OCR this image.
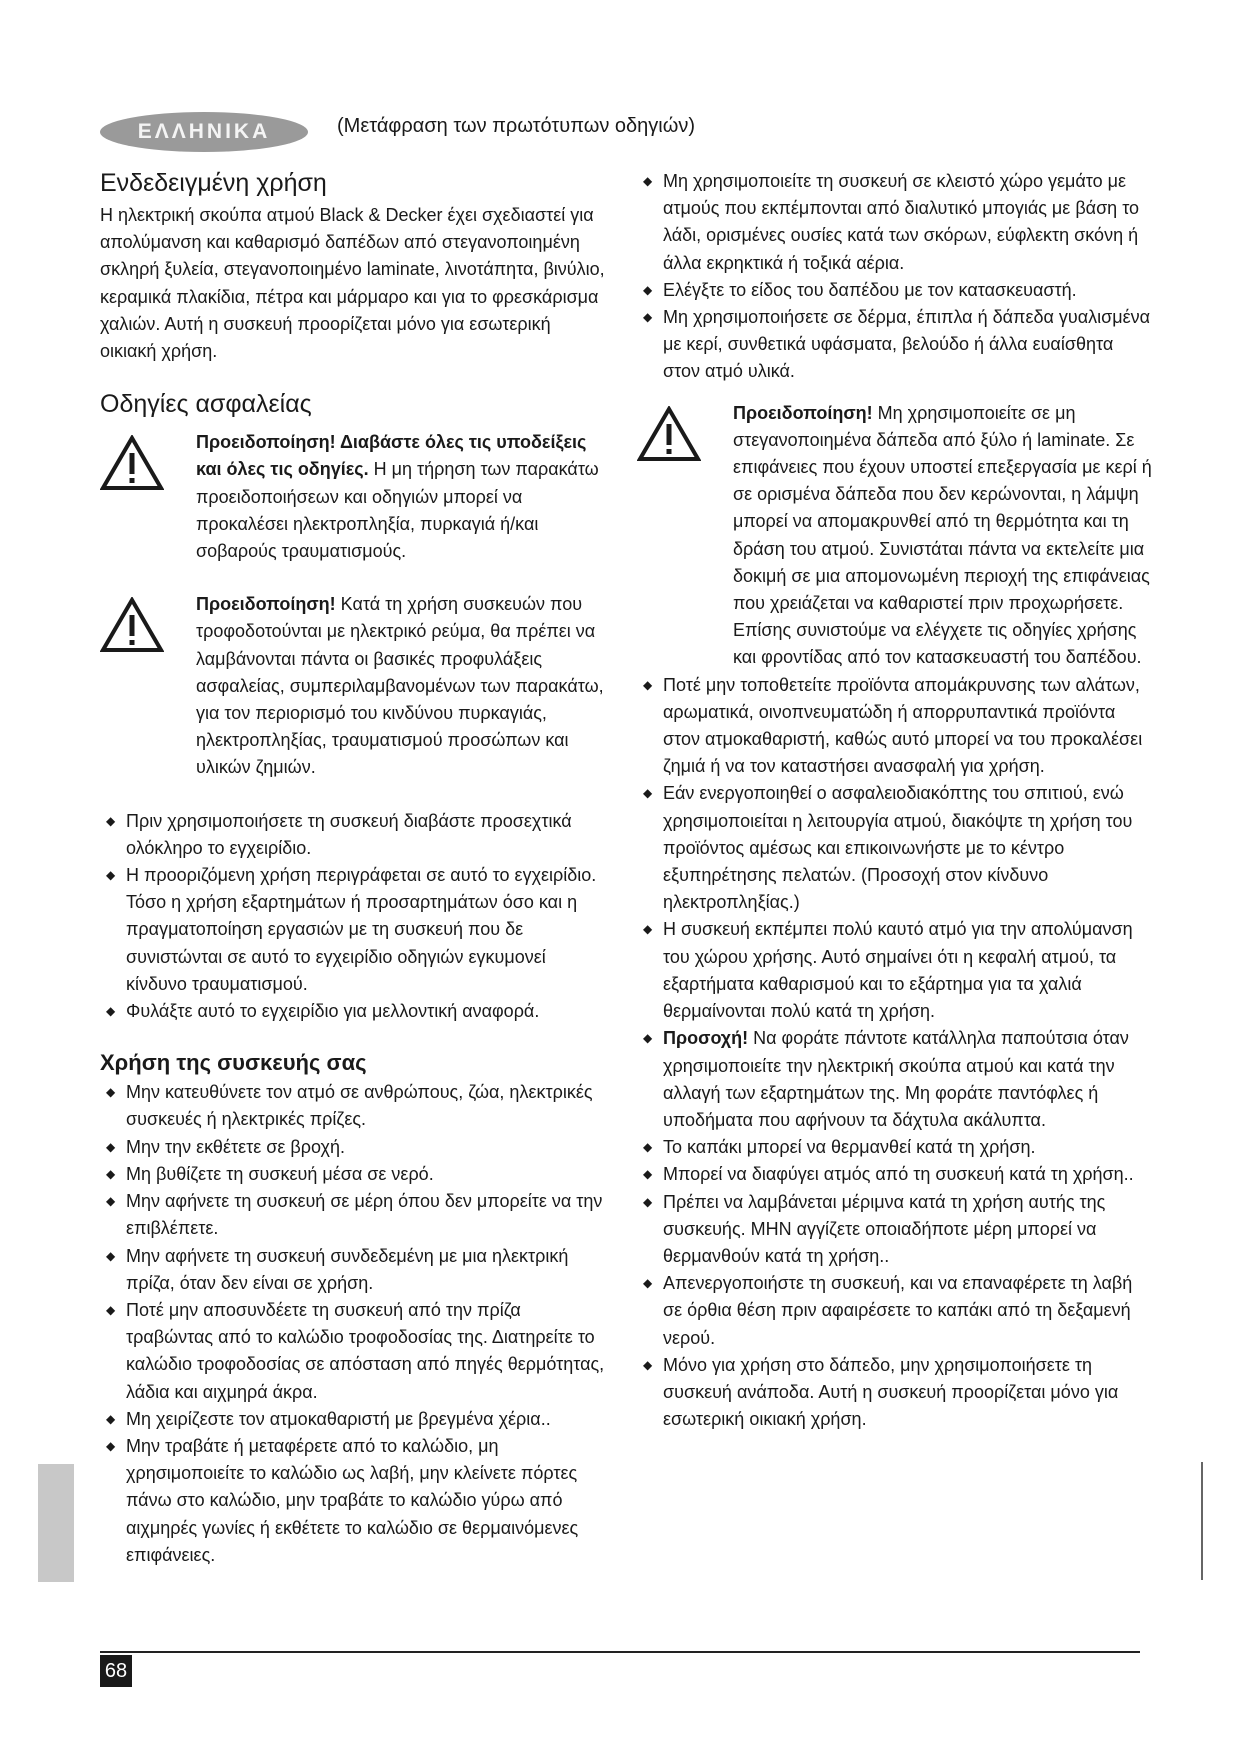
ΕΛΛΗΝΙΚΑ	(Μετάφραση των πρωτότυπων οδηγιών)
Ενδεδειγμένη χρήση

Η ηλεκτρική σκούπα ατμού Black & Decker έχει σχεδιαστεί για απολύμανση και καθαρισμό δαπέδων από στεγανοποιημένη σκληρή ξυλεία, στεγανοποιημένο laminate, λινοτάπητα, βινύλιο, κεραμικά πλακίδια, πέτρα και μάρμαρο και για το φρεσκάρισμα χαλιών. Αυτή η συσκευή προορίζεται μόνο για εσωτερική οικιακή χρήση.

Οδηγίες ασφαλείας
Προειδοποίηση! Διαβάστε όλες τις υποδείξεις και όλες τις οδηγίες. Η μη τήρηση των παρακάτω προειδοποιήσεων και οδηγιών μπορεί να προκαλέσει ηλεκτροπληξία, πυρκαγιά ή/και σοβαρούς τραυματισμούς.
Προειδοποίηση! Κατά τη χρήση συσκευών που τροφοδοτούνται με ηλεκτρικό ρεύμα, θα πρέπει να λαμβάνονται πάντα οι βασικές προφυλάξεις ασφαλείας, συμπεριλαμβανομένων των παρακάτω, για τον περιορισμό του κινδύνου πυρκαγιάς, ηλεκτροπληξίας, τραυματισμού προσώπων και υλικών ζημιών.
◆ Πριν χρησιμοποιήσετε τη συσκευή διαβάστε προσεχτικά ολόκληρο το εγχειρίδιο.
◆ Η προοριζόμενη χρήση περιγράφεται σε αυτό το εγχειρίδιο. Τόσο η χρήση εξαρτημάτων ή προσαρτημάτων όσο και η πραγματοποίηση εργασιών με τη συσκευή που δε συνιστώνται σε αυτό το εγχειρίδιο οδηγιών εγκυμονεί κίνδυνο τραυματισμού.
◆ Φυλάξτε αυτό το εγχειρίδιο για μελλοντική αναφορά.
Χρήση της συσκευής σας
◆ Μην κατευθύνετε τον ατμό σε ανθρώπους, ζώα, ηλεκτρικές συσκευές ή ηλεκτρικές πρίζες.
◆ Μην την εκθέτετε σε βροχή.
◆ Μη βυθίζετε τη συσκευή μέσα σε νερό.
◆ Μην αφήνετε τη συσκευή σε μέρη όπου δεν μπορείτε να την επιβλέπετε.
◆ Μην αφήνετε τη συσκευή συνδεδεμένη με μια ηλεκτρική πρίζα, όταν δεν είναι σε χρήση.
◆ Ποτέ μην αποσυνδέετε τη συσκευή από την πρίζα τραβώντας από το καλώδιο τροφοδοσίας της. Διατηρείτε το καλώδιο τροφοδοσίας σε απόσταση από πηγές θερμότητας, λάδια και αιχμηρά άκρα.
◆ Μη χειρίζεστε τον ατμοκαθαριστή με βρεγμένα χέρια..
◆ Μην τραβάτε ή μεταφέρετε από το καλώδιο, μη χρησιμοποιείτε το καλώδιο ως λαβή, μην κλείνετε πόρτες πάνω στο καλώδιο, μην τραβάτε το καλώδιο γύρω από αιχμηρές γωνίες ή εκθέτετε το καλώδιο σε θερμαινόμενες επιφάνειες.
◆ Μη χρησιμοποιείτε τη συσκευή σε κλειστό χώρο γεμάτο με ατμούς που εκπέμπονται από διαλυτικό μπογιάς με βάση το λάδι, ορισμένες ουσίες κατά των σκόρων, εύφλεκτη σκόνη ή άλλα εκρηκτικά ή τοξικά αέρια.
◆ Ελέγξτε το είδος του δαπέδου με τον κατασκευαστή.
◆ Μη χρησιμοποιήσετε σε δέρμα, έπιπλα ή δάπεδα γυαλισμένα με κερί, συνθετικά υφάσματα, βελούδο ή άλλα ευαίσθητα στον ατμό υλικά.
Προειδοποίηση! Μη χρησιμοποιείτε σε μη στεγανοποιημένα δάπεδα από ξύλο ή laminate. Σε επιφάνειες που έχουν υποστεί επεξεργασία με κερί ή σε ορισμένα δάπεδα που δεν κερώνονται, η λάμψη μπορεί να απομακρυνθεί από τη θερμότητα και τη δράση του ατμού. Συνιστάται πάντα να εκτελείτε μια δοκιμή σε μια απομονωμένη περιοχή της επιφάνειας που χρειάζεται να καθαριστεί πριν προχωρήσετε. Επίσης συνιστούμε να ελέγχετε τις οδηγίες χρήσης και φροντίδας από τον κατασκευαστή του δαπέδου.
◆ Ποτέ μην τοποθετείτε προϊόντα απομάκρυνσης των αλάτων, αρωματικά, οινοπνευματώδη ή απορρυπαντικά προϊόντα στον ατμοκαθαριστή, καθώς αυτό μπορεί να του προκαλέσει ζημιά ή να τον καταστήσει ανασφαλή για χρήση.
◆ Εάν ενεργοποιηθεί ο ασφαλειοδιακόπτης του σπιτιού, ενώ χρησιμοποιείται η λειτουργία ατμού, διακόψτε τη χρήση του προϊόντος αμέσως και επικοινωνήστε με το κέντρο εξυπηρέτησης πελατών. (Προσοχή στον κίνδυνο ηλεκτροπληξίας.)
◆ Η συσκευή εκπέμπει πολύ καυτό ατμό για την απολύμανση του χώρου χρήσης. Αυτό σημαίνει ότι η κεφαλή ατμού, τα εξαρτήματα καθαρισμού και το εξάρτημα για τα χαλιά θερμαίνονται πολύ κατά τη χρήση.
◆ Προσοχή! Να φοράτε πάντοτε κατάλληλα παπούτσια όταν χρησιμοποιείτε την ηλεκτρική σκούπα ατμού και κατά την αλλαγή των εξαρτημάτων της. Μη φοράτε παντόφλες ή υποδήματα που αφήνουν τα δάχτυλα ακάλυπτα.
◆ Το καπάκι μπορεί να θερμανθεί κατά τη χρήση.
◆ Μπορεί να διαφύγει ατμός από τη συσκευή κατά τη χρήση..
◆ Πρέπει να λαμβάνεται μέριμνα κατά τη χρήση αυτής της συσκευής. ΜΗΝ αγγίζετε οποιαδήποτε μέρη μπορεί να θερμανθούν κατά τη χρήση..
◆ Απενεργοποιήστε τη συσκευή, και να επαναφέρετε τη λαβή σε όρθια θέση πριν αφαιρέσετε το καπάκι από τη δεξαμενή νερού.
◆ Μόνο για χρήση στο δάπεδο, μην χρησιμοποιήσετε τη συσκευή ανάποδα. Αυτή η συσκευή προορίζεται μόνο για εσωτερική οικιακή χρήση.
68
